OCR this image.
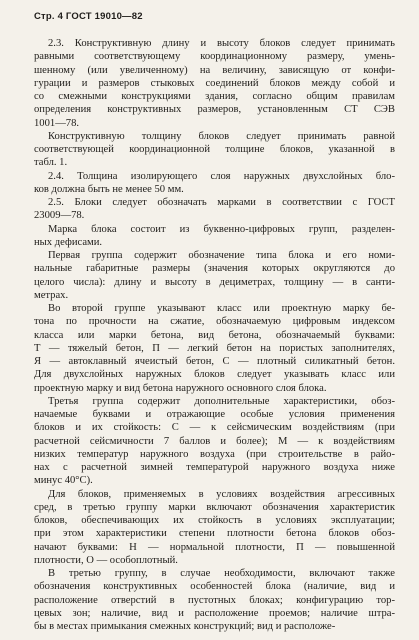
Стр. 4 ГОСТ 19010—82
2.3. Конструктивную длину и высоту блоков следует принимать
равными соответствующему координационному размеру, умень-
шенному (или увеличенному) на величину, зависящую от конфи-
гурации и размеров стыковых соединений блоков между собой и
со смежными конструкциями здания, согласно общим правилам
определения конструктивных размеров, установленным СТ СЭВ
1001—78.
Конструктивную толщину блоков следует принимать равной
соответствующей координационной толщине блоков, указанной в
табл. 1.
2.4. Толщина изолирующего слоя наружных двухслойных бло-
ков должна быть не менее 50 мм.
2.5. Блоки следует обозначать марками в соответствии с ГОСТ
23009—78.
Марка блока состоит из буквенно-цифровых групп, разделен-
ных дефисами.
Первая группа содержит обозначение типа блока и его номи-
нальные габаритные размеры (значения которых округляются до
целого числа): длину и высоту в дециметрах, толщину — в санти-
метрах.
Во второй группе указывают класс или проектную марку бе-
тона по прочности на сжатие, обозначаемую цифровым индексом
класса или марки бетона, вид бетона, обозначаемый буквами:
Т — тяжелый бетон, П — легкий бетон на пористых заполнителях,
Я — автоклавный ячеистый бетон, С — плотный силикатный бетон.
Для двухслойных наружных блоков следует указывать класс или
проектную марку и вид бетона наружного основного слоя блока.
Третья группа содержит дополнительные характеристики, обоз-
начаемые буквами и отражающие особые условия применения
блоков и их стойкость: С — к сейсмическим воздействиям (при
расчетной сейсмичности 7 баллов и более); М — к воздействиям
низких температур наружного воздуха (при строительстве в райо-
нах с расчетной зимней температурой наружного воздуха ниже
минус 40°С).
Для блоков, применяемых в условиях воздействия агрессивных
сред, в третью группу марки включают обозначения характеристик
блоков, обеспечивающих их стойкость в условиях эксплуатации;
при этом характеристики степени плотности бетона блоков обоз-
начают буквами: Н — нормальной плотности, П — повышенной
плотности, О — особоплотный.
В третью группу, в случае необходимости, включают также
обозначения конструктивных особенностей блока (наличие, вид и
расположение отверстий в пустотных блоках; конфигурацию тор-
цевых зон; наличие, вид и расположение проемов; наличие штра-
бы в местах примыкания смежных конструкций; вид и расположе-
